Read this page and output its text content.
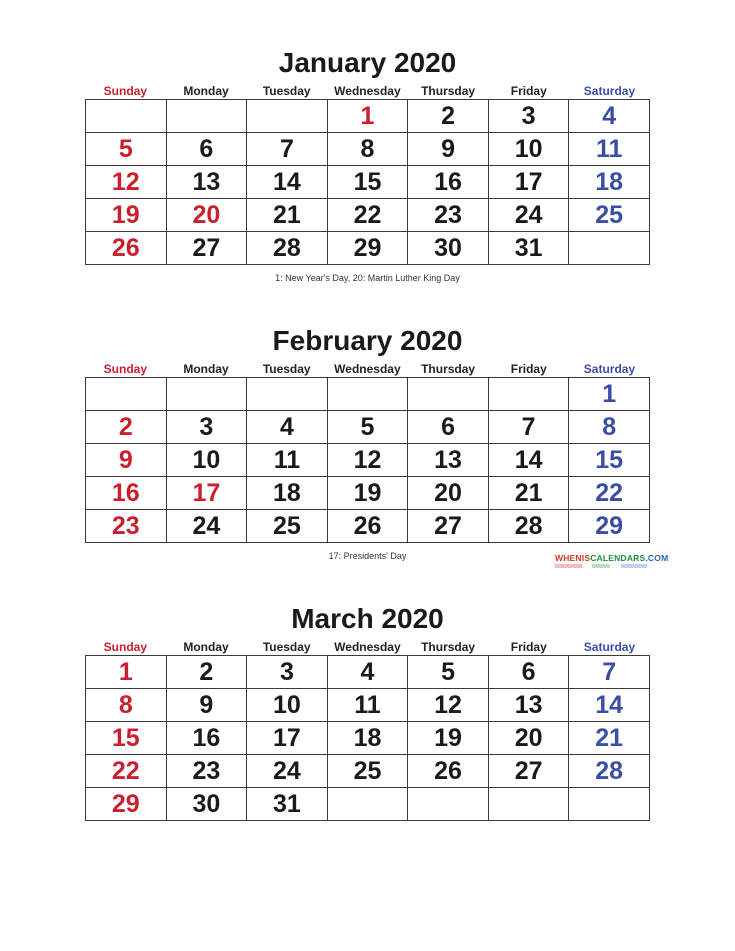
January 2020
Sunday	Monday	Tuesday	Wednesday	Thursday	Friday	Saturday
			1	2	3	4
5	6	7	8	9	10	11
12	13	14	15	16	17	18
19	20	21	22	23	24	25
26	27	28	29	30	31	
1: New Year's Day, 20: Martin Luther King Day
February 2020
Sunday	Monday	Tuesday	Wednesday	Thursday	Friday	Saturday
						1
2	3	4	5	6	7	8
9	10	11	12	13	14	15
16	17	18	19	20	21	22
23	24	25	26	27	28	29
17: Presidents' Day	WHENISCALENDARS.COM
March 2020
Sunday	Monday	Tuesday	Wednesday	Thursday	Friday	Saturday
1	2	3	4	5	6	7
8	9	10	11	12	13	14
15	16	17	18	19	20	21
22	23	24	25	26	27	28
29	30	31				
